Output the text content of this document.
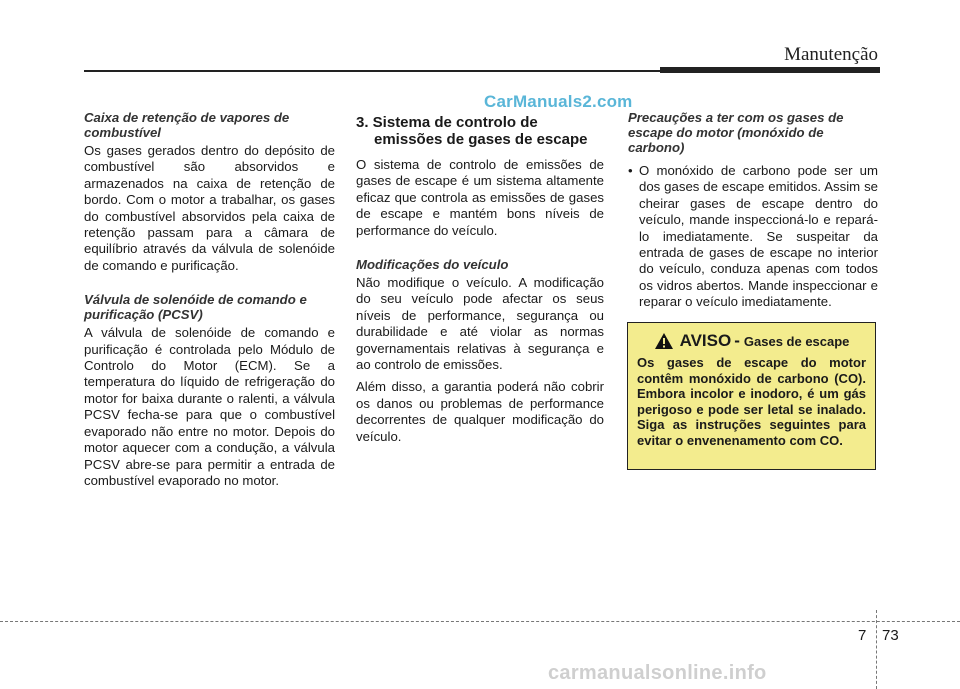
Manutenção
CarManuals2.com
Caixa de retenção de vapores de combustível
Os gases gerados dentro do depósito de combustível são absorvidos e armazenados na caixa de retenção de bordo. Com o motor a trabalhar, os gases do combustível absorvidos pela caixa de retenção passam para a câmara de equilíbrio através da válvula de solenóide de comando e purificação.
Válvula de solenóide de comando e purificação (PCSV)
A válvula de solenóide de comando e purificação é controlada pelo Módulo de Controlo do Motor (ECM). Se a temperatura do líquido de refrigeração do motor for baixa durante o ralenti, a válvula PCSV fecha-se para que o combustível evaporado não entre no motor. Depois do motor aquecer com a condução, a válvula PCSV abre-se para permitir a entrada de combustível evaporado no motor.
3. Sistema de controlo de emissões de gases de escape
O sistema de controlo de emissões de gases de escape é um sistema altamente eficaz que controla as emissões de gases de escape e mantém bons níveis de performance do veículo.
Modificações do veículo
Não modifique o veículo. A modificação do seu veículo pode afectar os seus níveis de performance, segurança ou durabilidade e até violar as normas governamentais relativas à segurança e ao controlo de emissões.
Além disso, a garantia poderá não cobrir os danos ou problemas de performance decorrentes de qualquer modificação do veículo.
Precauções a ter com os gases de escape do motor (monóxido de carbono)
• O monóxido de carbono pode ser um dos gases de escape emitidos. Assim se cheirar gases de escape dentro do veículo, mande inspeccioná-lo e repará-lo imediatamente. Se suspeitar da entrada de gases de escape no interior do veículo, conduza apenas com todos os vidros abertos. Mande inspeccionar e reparar o veículo imediatamente.
AVISO - Gases de escape
Os gases de escape do motor contêm monóxido de carbono (CO). Embora incolor e inodoro, é um gás perigoso e pode ser letal se inalado. Siga as instruções seguintes para evitar o envenenamento com CO.
7 73
carmanualsonline.info
